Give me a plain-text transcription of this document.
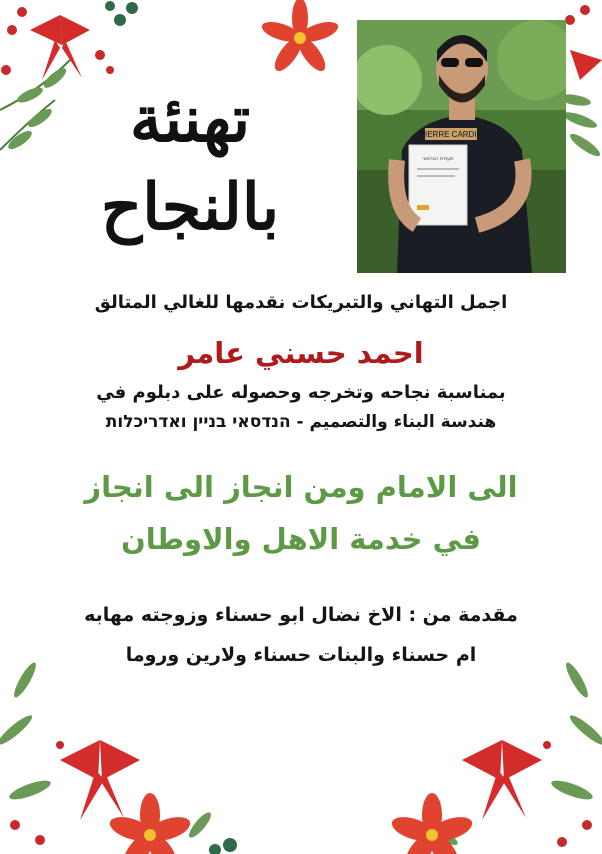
تهنئة
بالنجاح
PIERRE CARDIN
תעודת הנדסאי
اجمل التهاني والتبريكات نقدمها للغالي المتالق
احمد حسني عامر
بمناسبة نجاحه وتخرجه وحصوله على دبلوم في
هندسة البناء والتصميم - הנדסאי בניין ואדריכלות
الى الامام ومن انجاز الى انجاز
في خدمة الاهل والاوطان
مقدمة من : الاخ نضال ابو حسناء وزوجته مهابه
ام حسناء والبنات حسناء ولارين وروما
